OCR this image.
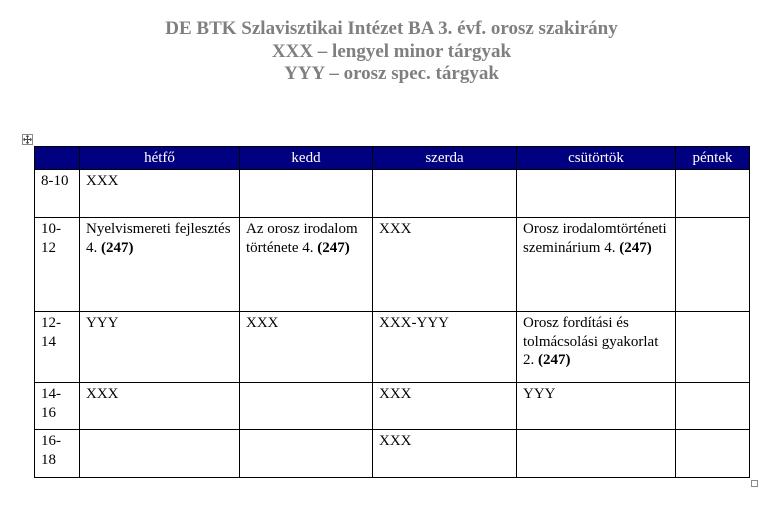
DE BTK Szlavisztikai Intézet BA 3. évf. orosz szakirány
XXX – lengyel minor tárgyak
YYY – orosz spec. tárgyak
	hétfő	kedd	szerda	csütörtök	péntek
8-10	XXX				
10-12	Nyelvismereti fejlesztés 4. (247)	Az orosz irodalom története 4. (247)	XXX	Orosz irodalomtörténeti szeminárium 4. (247)	
12-14	YYY	XXX	XXX-YYY	Orosz fordítási és tolmácsolási gyakorlat 2. (247)	
14-16	XXX		XXX	YYY	
16-18			XXX		
